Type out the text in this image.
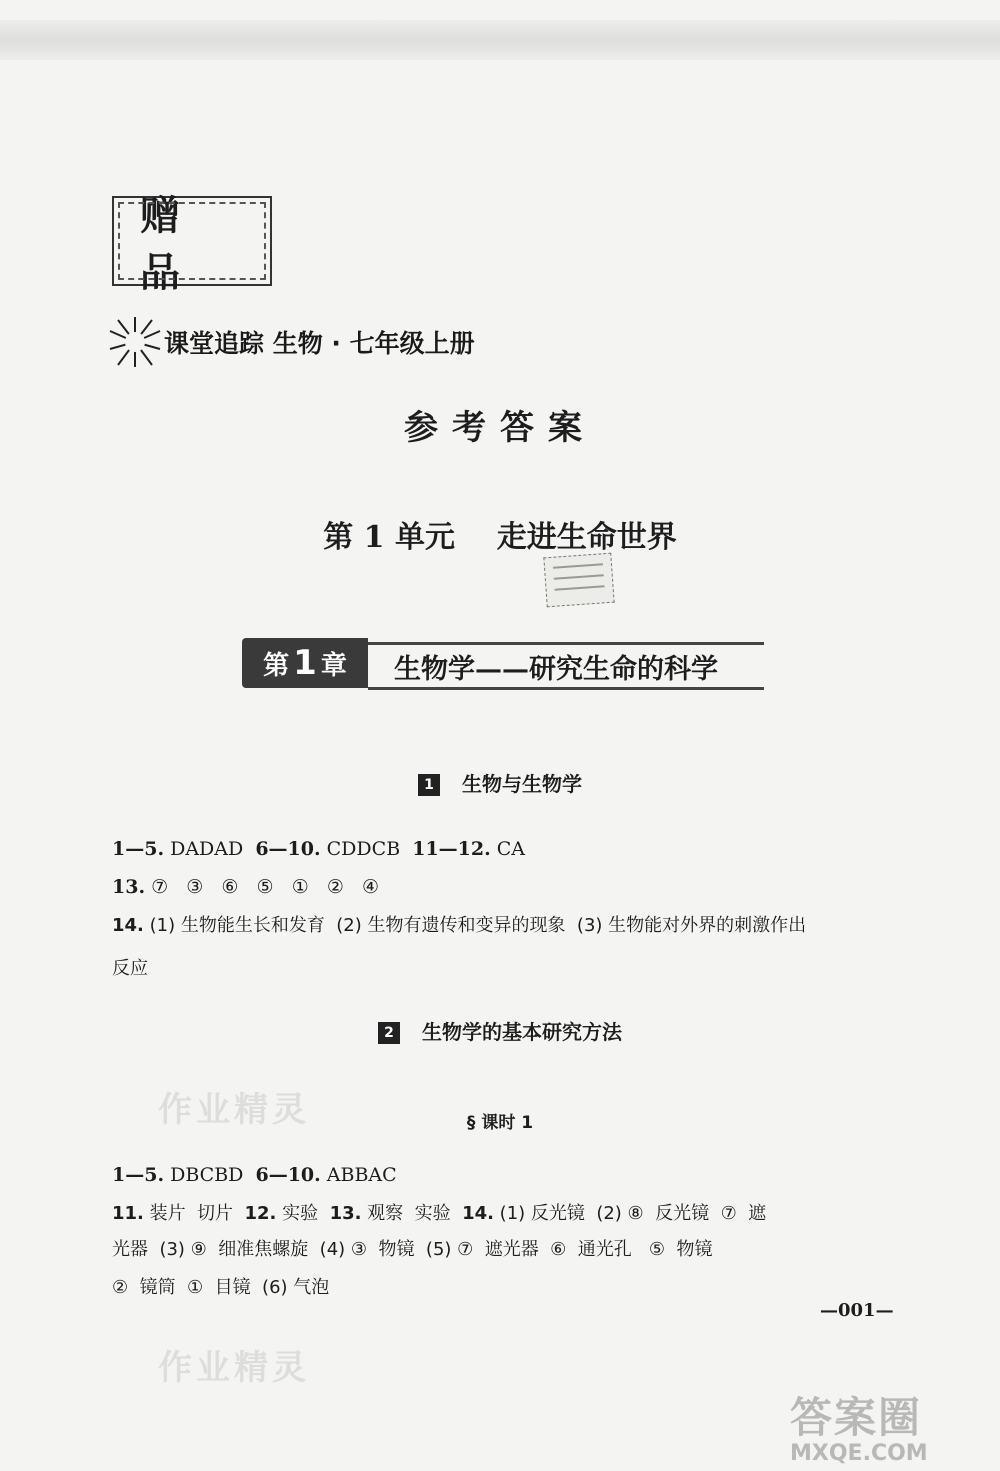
赠 品
课堂追踪 生物 · 七年级上册
参考答案
第 1 单元    走进生命世界
第 1 章	生物学——研究生命的科学
1 生物与生物学
1—5. DADAD  6—10. CDDCB  11—12. CA
13. ⑦   ③   ⑥   ⑤   ①   ②   ④
14. (1) 生物能生长和发育  (2) 生物有遗传和变异的现象  (3) 生物能对外界的刺激作出
反应
2 生物学的基本研究方法
作业精灵	§ 课时 1
1—5. DBCBD  6—10. ABBAC
11. 装片  切片  12. 实验  13. 观察  实验  14. (1) 反光镜  (2) ⑧  反光镜  ⑦  遮
光器  (3) ⑨  细准焦螺旋  (4) ③  物镜  (5) ⑦  遮光器  ⑥  通光孔   ⑤  物镜
②  镜筒  ①  目镜  (6) 气泡
—001—
作业精灵
答案圈
MXQE.COM
